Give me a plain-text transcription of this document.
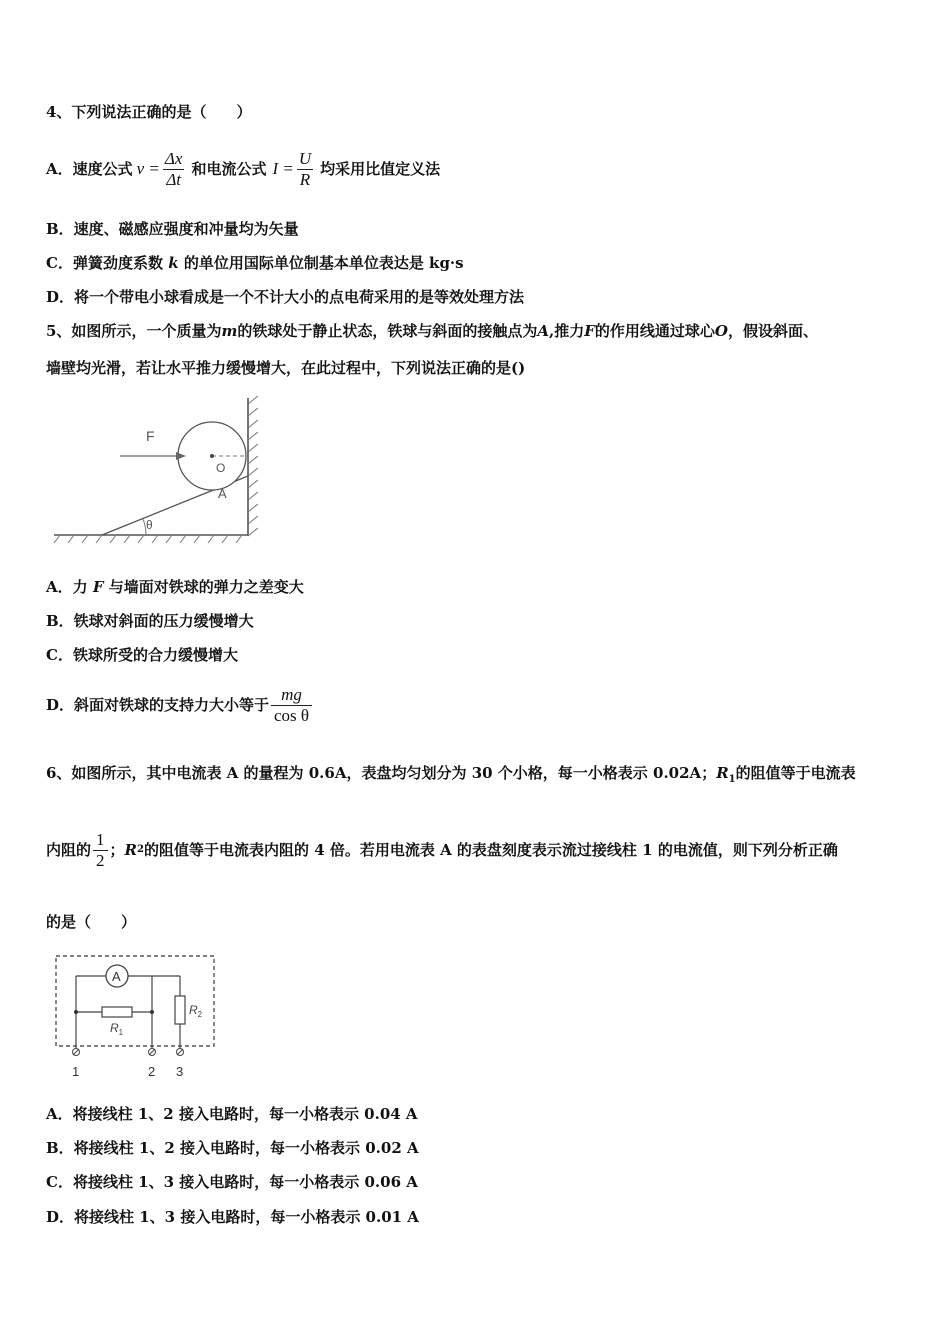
4、下列说法正确的是（　　）
A．速度公式 $v = \frac{\Delta x}{\Delta t}$ 和电流公式 $I = \frac{U}{R}$ 均采用比值定义法
B．速度、磁感应强度和冲量均为矢量
C．弹簧劲度系数 k 的单位用国际单位制基本单位表达是 kg·s
D．将一个带电小球看成是一个不计大小的点电荷采用的是等效处理方法
5、如图所示，一个质量为m的铁球处于静止状态，铁球与斜面的接触点为A,推力F的作用线通过球心O，假设斜面、
墙壁均光滑，若让水平推力缓慢增大，在此过程中，下列说法正确的是()
F
O
A
θ
A．力 F 与墙面对铁球的弹力之差变大
B．铁球对斜面的压力缓慢增大
C．铁球所受的合力缓慢增大
D．斜面对铁球的支持力大小等于 $\frac{mg}{\text{cos θ}}$
6、如图所示，其中电流表 A 的量程为 0.6A，表盘均匀划分为 30 个小格，每一小格表示 0.02A；$R_1$的阻值等于电流表
内阻的 $\frac{1}{2}$ ； R 2 的阻值等于电流表内阻的 4 倍。若用电流表 A 的表盘刻度表示流过接线柱 1 的电流值，则下列分析正确
的是（　　）
A
$R_1$
$R_2$
1	2 3
A．将接线柱 1、2 接入电路时，每一小格表示 0.04 A
B．将接线柱 1、2 接入电路时，每一小格表示 0.02 A
C．将接线柱 1、3 接入电路时，每一小格表示 0.06 A
D．将接线柱 1、3 接入电路时，每一小格表示 0.01 A
